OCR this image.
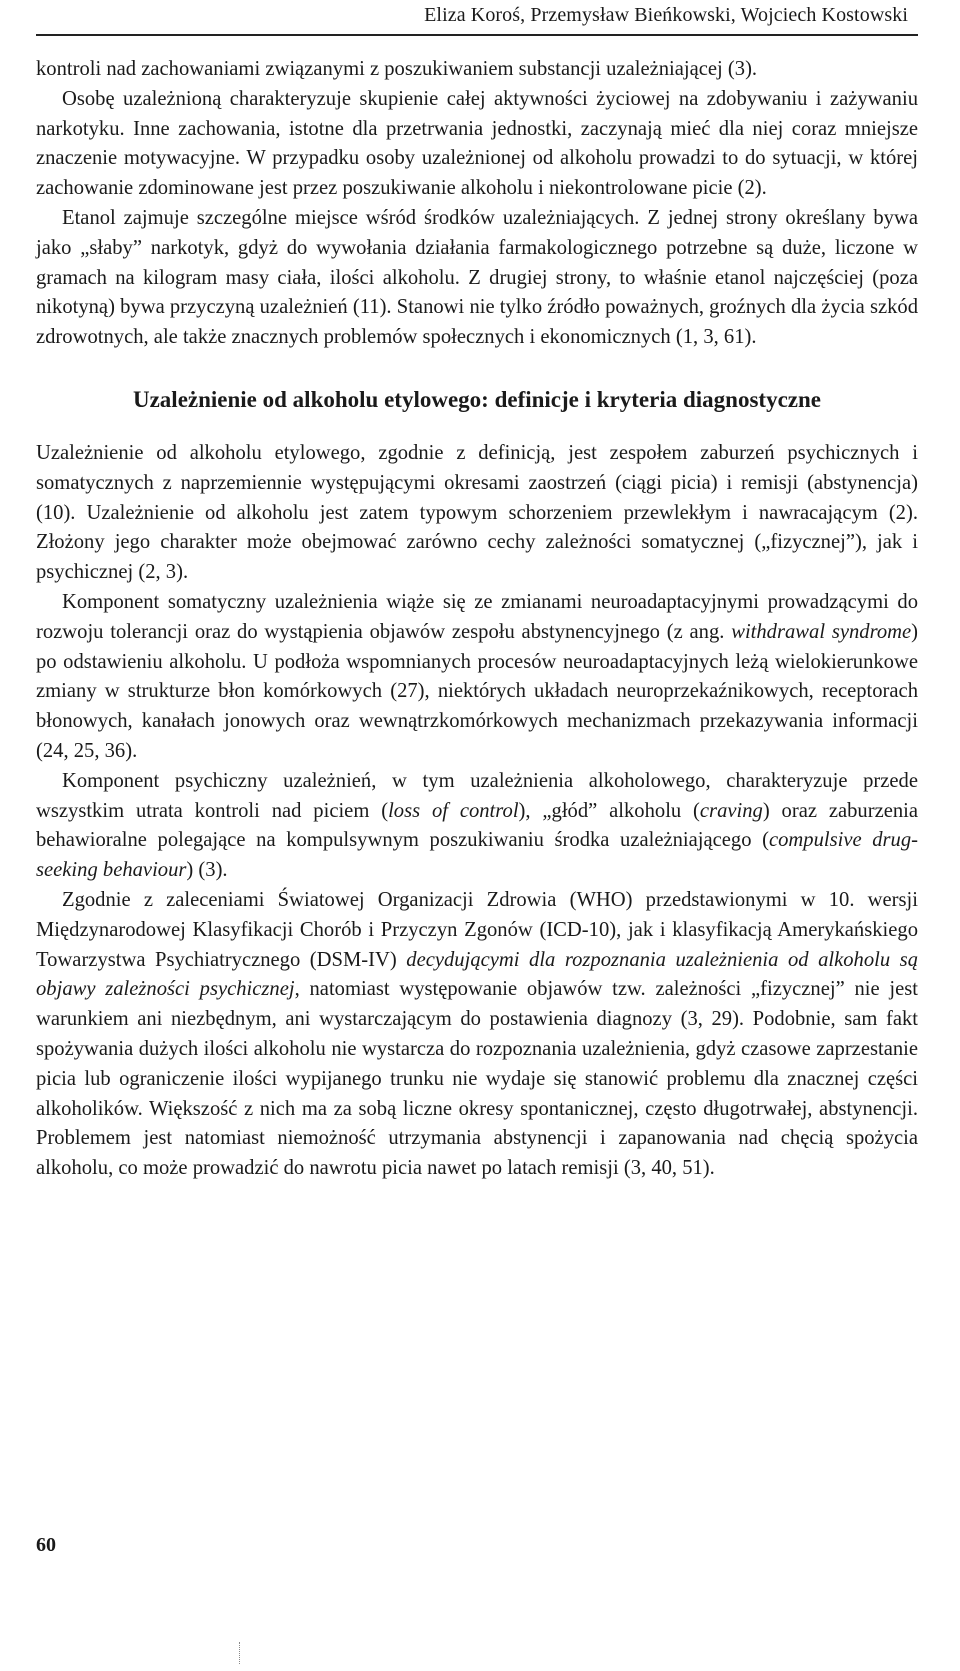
Eliza Koroś, Przemysław Bieńkowski, Wojciech Kostowski

kontroli nad zachowaniami związanymi z poszukiwaniem substancji uzależniającej (3).

Osobę uzależnioną charakteryzuje skupienie całej aktywności życiowej na zdobywaniu i zażywaniu narkotyku. Inne zachowania, istotne dla przetrwania jednostki, zaczynają mieć dla niej coraz mniejsze znaczenie motywacyjne. W przypadku osoby uzależnionej od alkoholu prowadzi to do sytuacji, w której zachowanie zdominowane jest przez poszukiwanie alkoholu i niekontrolowane picie (2).

Etanol zajmuje szczególne miejsce wśród środków uzależniających. Z jednej strony określany bywa jako „słaby” narkotyk, gdyż do wywołania działania farmakologicznego potrzebne są duże, liczone w gramach na kilogram masy ciała, ilości alkoholu. Z drugiej strony, to właśnie etanol najczęściej (poza nikotyną) bywa przyczyną uzależnień (11). Stanowi nie tylko źródło poważnych, groźnych dla życia szkód zdrowotnych, ale także znacznych problemów społecznych i ekonomicznych (1, 3, 61).

Uzależnienie od alkoholu etylowego: definicje i kryteria diagnostyczne

Uzależnienie od alkoholu etylowego, zgodnie z definicją, jest zespołem zaburzeń psychicznych i somatycznych z naprzemiennie występującymi okresami zaostrzeń (ciągi picia) i remisji (abstynencja) (10). Uzależnienie od alkoholu jest zatem typowym schorzeniem przewlekłym i nawracającym (2). Złożony jego charakter może obejmować zarówno cechy zależności somatycznej („fizycznej”), jak i psychicznej (2, 3).

Komponent somatyczny uzależnienia wiąże się ze zmianami neuroadaptacyjnymi prowadzącymi do rozwoju tolerancji oraz do wystąpienia objawów zespołu abstynencyjnego (z ang. withdrawal syndrome) po odstawieniu alkoholu. U podłoża wspomnianych procesów neuroadaptacyjnych leżą wielokierunkowe zmiany w strukturze błon komórkowych (27), niektórych układach neuroprzekaźnikowych, receptorach błonowych, kanałach jonowych oraz wewnątrzkomórkowych mechanizmach przekazywania informacji (24, 25, 36).

Komponent psychiczny uzależnień, w tym uzależnienia alkoholowego, charakteryzuje przede wszystkim utrata kontroli nad piciem (loss of control), „głód” alkoholu (craving) oraz zaburzenia behawioralne polegające na kompulsywnym poszukiwaniu środka uzależniającego (compulsive drug-seeking behaviour) (3).

Zgodnie z zaleceniami Światowej Organizacji Zdrowia (WHO) przedstawionymi w 10. wersji Międzynarodowej Klasyfikacji Chorób i Przyczyn Zgonów (ICD-10), jak i klasyfikacją Amerykańskiego Towarzystwa Psychiatrycznego (DSM-IV) decydującymi dla rozpoznania uzależnienia od alkoholu są objawy zależności psychicznej, natomiast występowanie objawów tzw. zależności „fizycznej” nie jest warunkiem ani niezbędnym, ani wystarczającym do postawienia diagnozy (3, 29). Podobnie, sam fakt spożywania dużych ilości alkoholu nie wystarcza do rozpoznania uzależnienia, gdyż czasowe zaprzestanie picia lub ograniczenie ilości wypijanego trunku nie wydaje się stanowić problemu dla znacznej części alkoholików. Większość z nich ma za sobą liczne okresy spontanicznej, często długotrwałej, abstynencji. Problemem jest natomiast niemożność utrzymania abstynencji i zapanowania nad chęcią spożycia alkoholu, co może prowadzić do nawrotu picia nawet po latach remisji (3, 40, 51).

60
